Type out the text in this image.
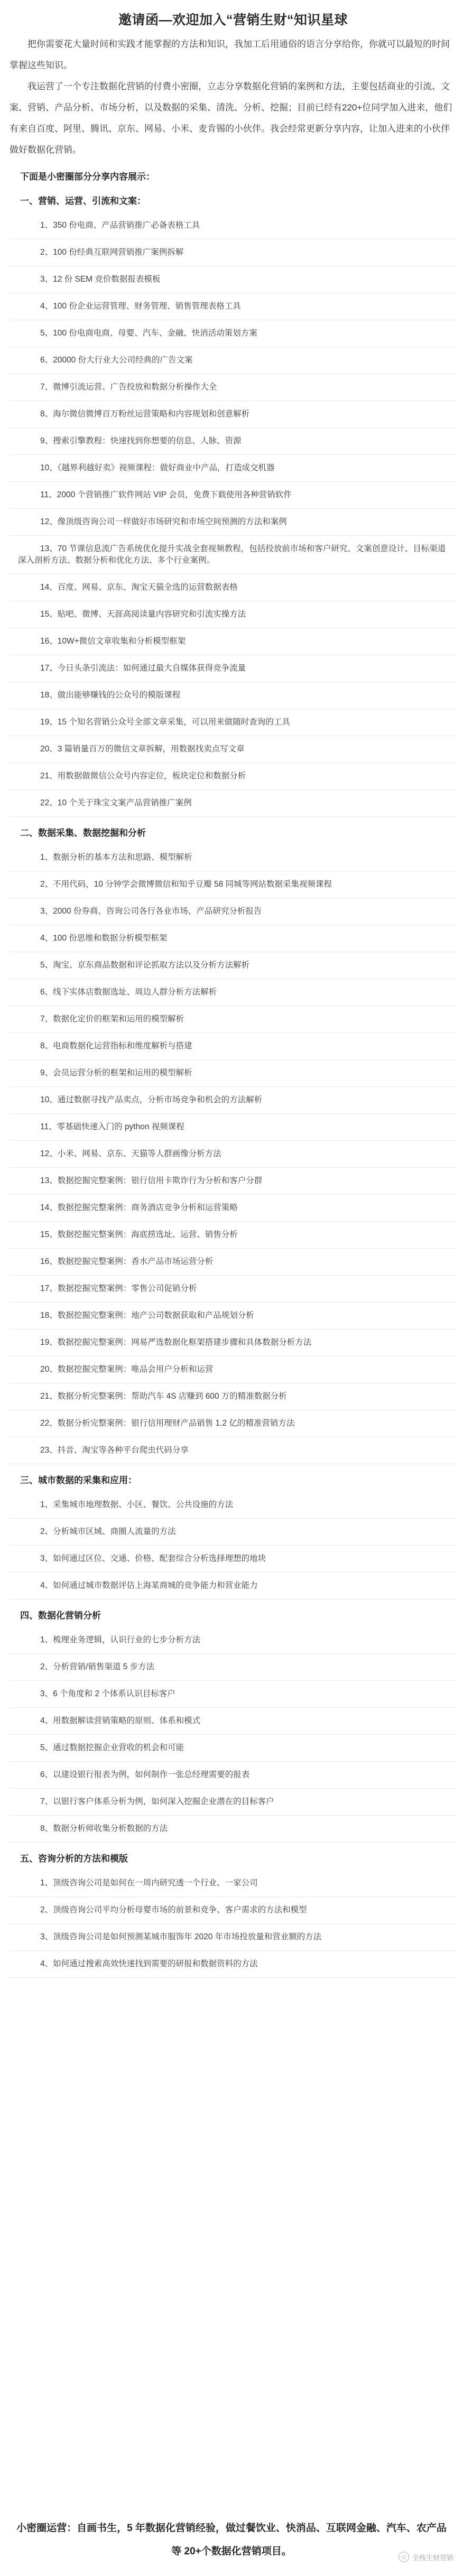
邀请函—欢迎加入“营销生财“知识星球

把你需要花大量时间和实践才能掌握的方法和知识，我加工后用通俗的语言分享给你，你就可以最短的时间掌握这些知识。

我运营了一个专注数据化营销的付费小密圈，立志分享数据化营销的案例和方法，主要包括商业的引流、文案、营销、产品分析、市场分析，以及数据的采集、清洗、分析、挖掘；目前已经有220+位同学加入进来，他们有来自百度、阿里、腾讯、京东、网易、小米、麦肯锡的小伙伴。我会经常更新分享内容，让加入进来的小伙伴做好数据化营销。

下面是小密圈部分分享内容展示：
一、营销、运营、引流和文案：
1、350 份电商、产品营销推广必备表格工具
2、100 份经典互联网营销推广案例拆解
3、12 份 SEM 竞价数据报表模板
4、100 份企业运营管理、财务管理、销售管理表格工具
5、100 份电商电商、母婴、汽车、金融、快消活动策划方案
6、20000 份大行业大公司经典的广告文案
7、微博引流运营、广告投放和数据分析操作大全
8、海尔微信微博百万粉丝运营策略和内容规划和创意解析
9、搜索引擎教程：快速找到你想要的信息、人脉、资源
10、《越界利越好卖》视频课程：做好商业中产品，打造成交机器
11、2000 个营销推广软件网站 VIP 会员，免费下载使用各种营销软件
12、像顶级咨询公司一样做好市场研究和市场空间预测的方法和案例
13、70 节课信息流广告系统优化提升实战全套视频教程，包括投放前市场和客户研究、文案创意设计、目标渠道深入剖析方法、数据分析和优化方法、多个行业案例。
14、百度、网易、京东、淘宝天猫全选的运营数据表格
15、贴吧、微博、天涯高阅读量内容研究和引流实操方法
16、10W+微信文章收集和分析模型框架
17、今日头条引流法：如何通过最大自媒体获得竞争流量
18、做出能够赚钱的公众号的模版课程
19、15 个知名营销公众号全部文章采集，可以用来做随时查询的工具
20、3 篇销量百万的微信文章拆解，用数据找卖点写文章
21、用数据做微信公众号内容定位，板块定位和数据分析
22、10 个关于珠宝文案产品营销推广案例
二、数据采集、数据挖掘和分析
1、数据分析的基本方法和思路、模型解析
2、不用代码，10 分钟学会微博微信和知乎豆瓣 58 同城等网站数据采集视频课程
3、2000 份券商、咨询公司各行各业市场、产品研究分析报告
4、100 份思维和数据分析模型框架
5、淘宝、京东商品数据和评论抓取方法以及分析方法解析
6、线下实体店数据选址、周边人群分析方法解析
7、数据化定价的框架和运用的模型解析
8、电商数据化运营指标和维度解析与搭建
9、会员运营分析的框架和运用的模型解析
10、通过数据寻找产品卖点，分析市场竞争和机会的方法解析
11、零基础快速入门的 python 视频课程
12、小米、网易、京东、天猫等人群画像分析方法
13、数据挖掘完整案例：银行信用卡欺诈行为分析和客户分群
14、数据挖掘完整案例：商务酒店竞争分析和运营策略
15、数据挖掘完整案例：海底捞选址、运营、销售分析
16、数据挖掘完整案例：香水产品市场运营分析
17、数据挖掘完整案例：零售公司促销分析
18、数据挖掘完整案例：地产公司数据获取和产品规划分析
19、数据挖掘完整案例：网易严选数据化框架搭建步骤和具体数据分析方法
20、数据挖掘完整案例：唯品会用户分析和运营
21、数据分析完整案例：帮助汽车 4S 店赚到 600 万的精准数据分析
22、数据分析完整案例：银行信用理财产品销售 1.2 亿的精准营销方法
23、抖音、淘宝等各种平台爬虫代码分享
三、城市数据的采集和应用：
1、采集城市地理数据、小区、餐饮、公共设施的方法
2、分析城市区域、商圈人流量的方法
3、如何通过区位、交通、价格、配套综合分析选择理想的地块
4、如何通过城市数据评估上海某商城的竞争能力和营业能力
四、数据化营销分析
1、梳理业务逻辑，认识行业的七步分析方法
2、分析营销/销售渠道 5 步方法
3、6 个角度和 2 个体系认识目标客户
4、用数据解读营销策略的原则、体系和模式
5、通过数据挖掘企业营收的机会和可能
6、以建设银行报表为例，如何制作一张总经理需要的报表
7、以银行客户体系分析为例，如何深入挖掘企业潜在的目标客户
8、数据分析师收集分析数据的方法
五、咨询分析的方法和模版
1、顶级咨询公司是如何在一周内研究透一个行业、一家公司
2、顶级咨询公司平均分析母婴市场的前景和竞争、客户需求的方法和模型
3、顶级咨询公司是如何预测某城市服饰年 2020 年市场投放量和营业额的方法
4、如何通过搜索高效快速找到需要的研报和数据资料的方法
小密圈运营：自画书生，5 年数据化营销经验，做过餐饮业、快消品、互联网金融、汽车、农产品等 20+个数据化营销项目。	◎ 全栈生财营销
